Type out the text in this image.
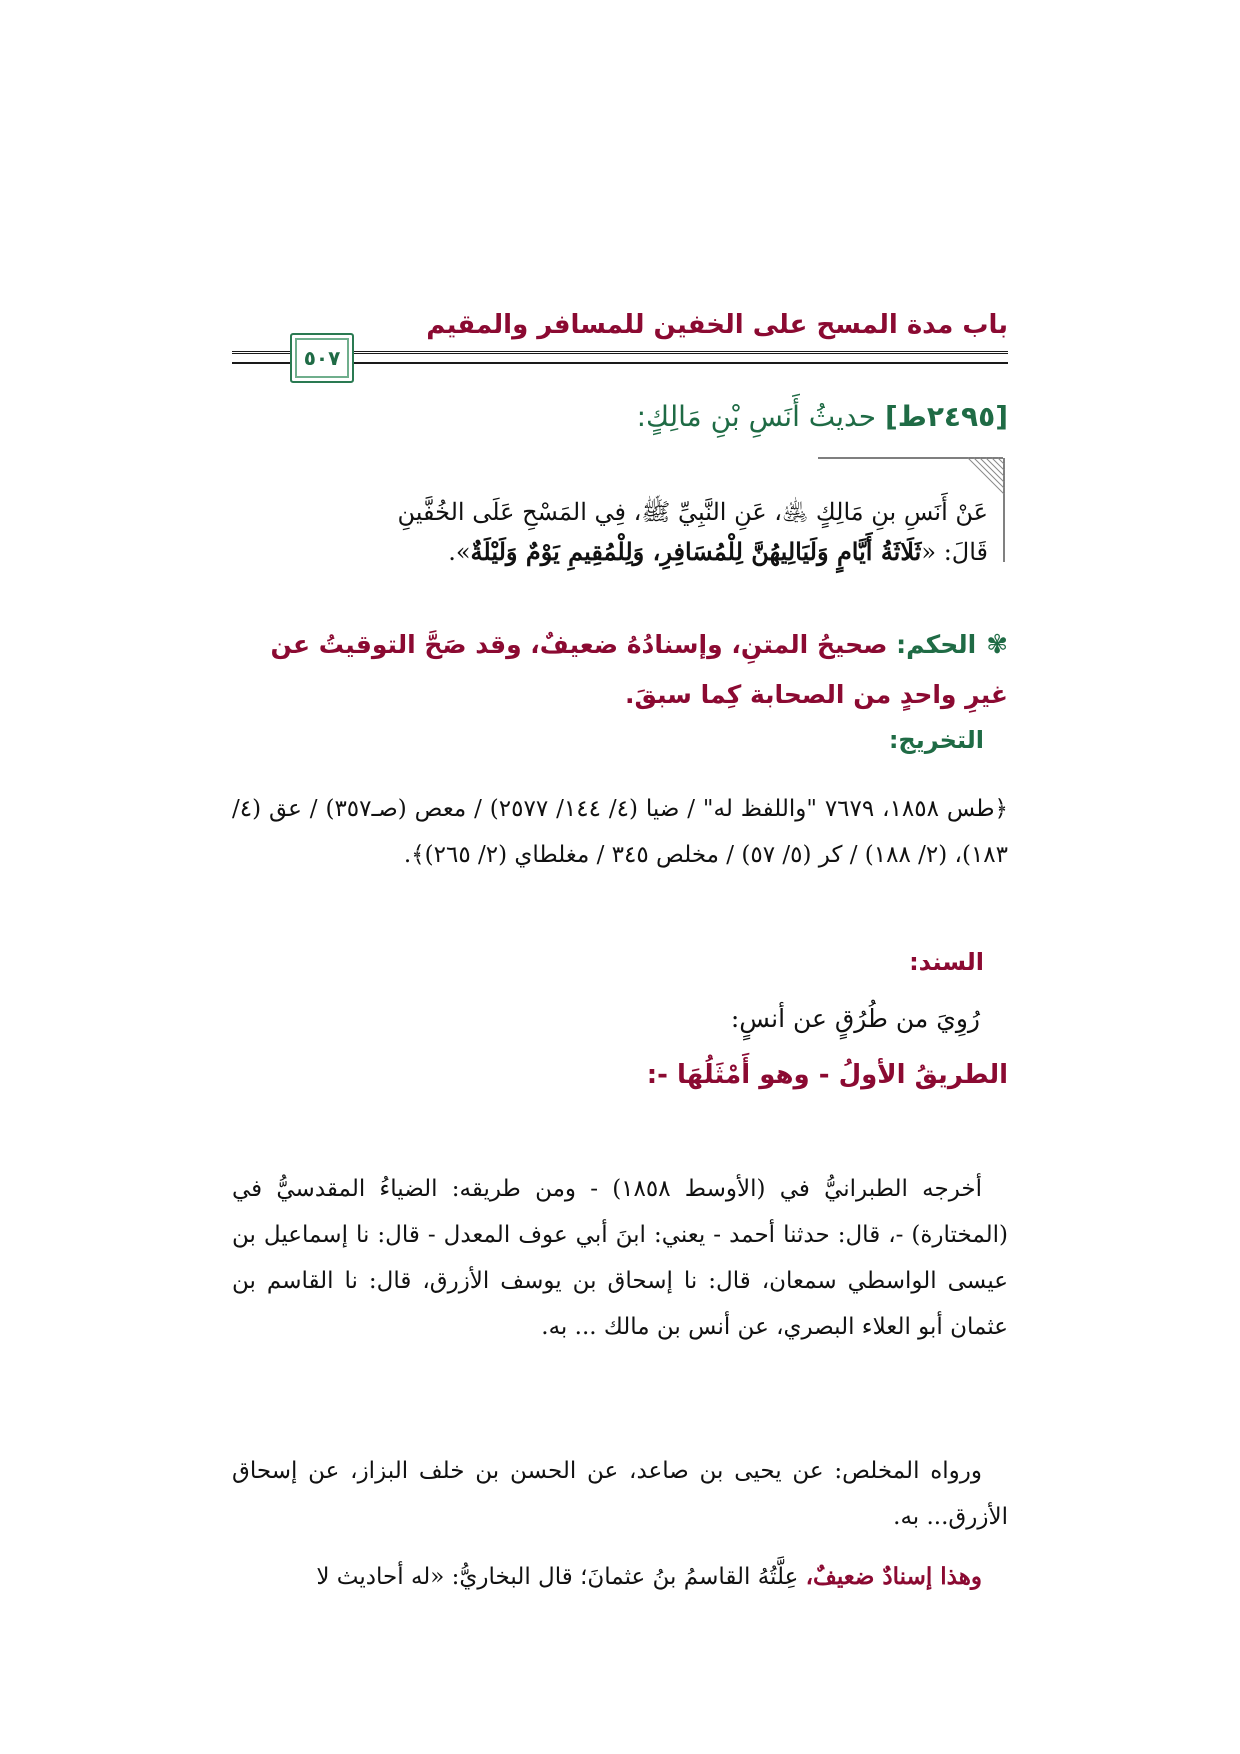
باب مدة المسح على الخفين للمسافر والمقيم
٥٠٧
[٢٤٩٥ط] حديثُ أَنَسِ بْنِ مَالِكٍ:
عَنْ أَنَسِ بنِ مَالِكٍ ﵁، عَنِ النَّبِيِّ ﷺ، فِي المَسْحِ عَلَى الخُفَّينِ
قَالَ: «ثَلَاثَةُ أَيَّامٍ وَلَيَالِيهُنَّ لِلْمُسَافِرِ، وَلِلْمُقِيمِ يَوْمٌ وَلَيْلَةٌ».
✾الحكم: صحيحُ المتنِ، وإسنادُهُ ضعيفٌ، وقد صَحَّ التوقيتُ عن غيرِ واحدٍ من الصحابة كِما سبقَ.
التخريج:
﴿طس ١٨٥٨، ٧٦٧٩ "واللفظ له" / ضيا (٤/ ١٤٤/ ٢٥٧٧) / معص (صـ٣٥٧) / عق (٤/ ١٨٣)، (٢/ ١٨٨) / كر (٥/ ٥٧) / مخلص ٣٤٥ / مغلطاي (٢/ ٢٦٥)﴾.
السند:
رُوِيَ من طُرُقٍ عن أنسٍ:
الطريقُ الأولُ - وهو أَمْثَلُهَا -:
أخرجه الطبرانيُّ في (الأوسط ١٨٥٨) - ومن طريقه: الضياءُ المقدسيُّ في (المختارة) -، قال: حدثنا أحمد - يعني: ابنَ أبي عوف المعدل - قال: نا إسماعيل بن عيسى الواسطي سمعان، قال: نا إسحاق بن يوسف الأزرق، قال: نا القاسم بن عثمان أبو العلاء البصري، عن أنس بن مالك ... به.
ورواه المخلص: عن يحيى بن صاعد، عن الحسن بن خلف البزاز، عن إسحاق الأزرق... به.
وهذا إسنادٌ ضعيفٌ، عِلَّتُهُ القاسمُ بنُ عثمانَ؛ قال البخاريُّ: «له أحاديث لا
